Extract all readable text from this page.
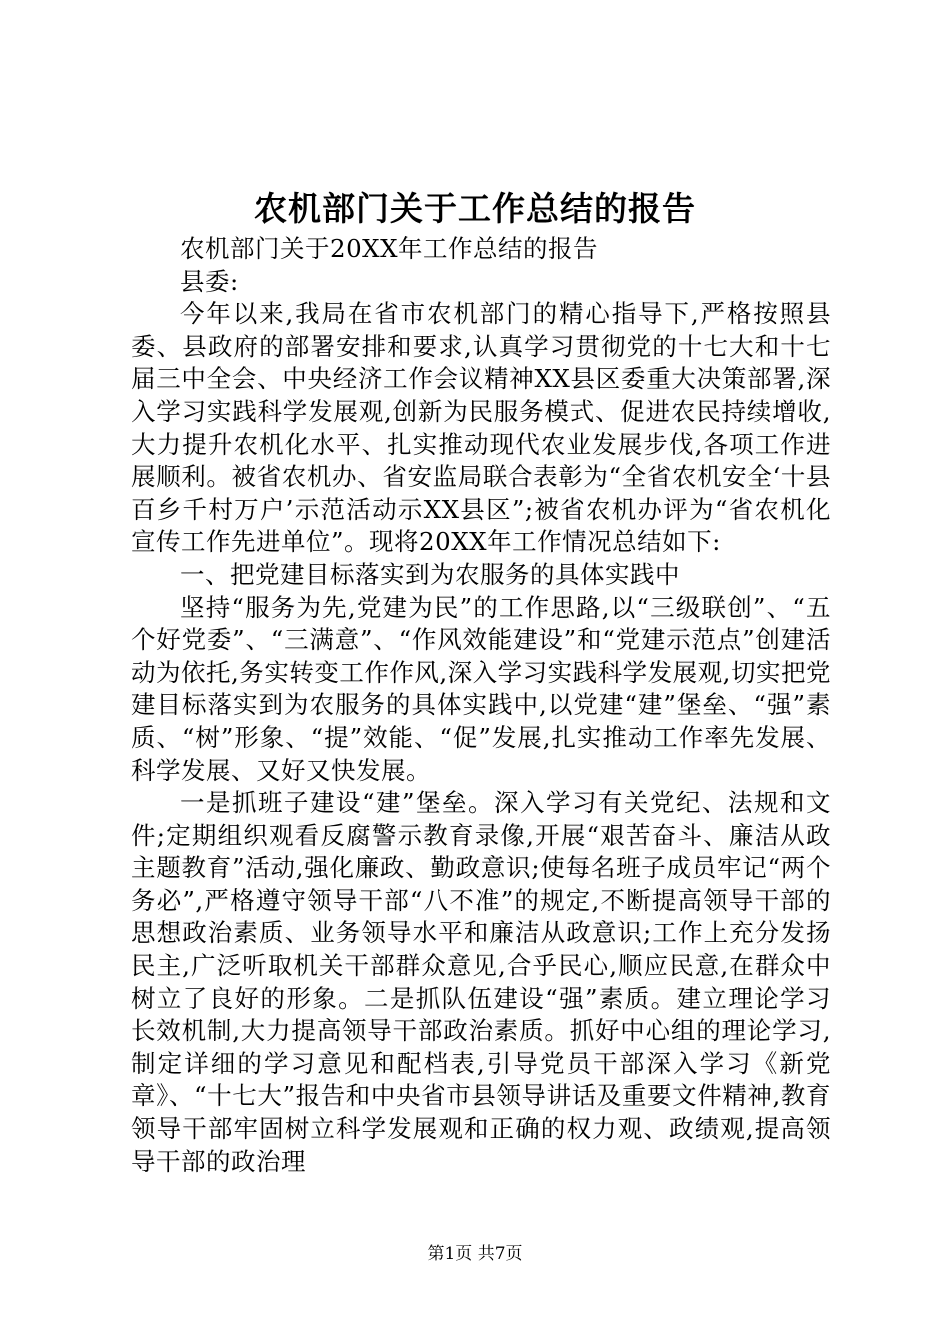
农机部门关于工作总结的报告

农机部门关于20XX年工作总结的报告

县委:

今年以来,我局在省市农机部门的精心指导下,严格按照县委、县政府的部署安排和要求,认真学习贯彻党的十七大和十七届三中全会、中央经济工作会议精神XX县区委重大决策部署,深入学习实践科学发展观,创新为民服务模式、促进农民持续增收,大力提升农机化水平、扎实推动现代农业发展步伐,各项工作进展顺利。被省农机办、省安监局联合表彰为“全省农机安全‘十县百乡千村万户’示范活动示XX县区”;被省农机办评为“省农机化宣传工作先进单位”。现将20XX年工作情况总结如下:

一、把党建目标落实到为农服务的具体实践中

坚持“服务为先,党建为民”的工作思路,以“三级联创”、“五个好党委”、“三满意”、“作风效能建设”和“党建示范点”创建活动为依托,务实转变工作作风,深入学习实践科学发展观,切实把党建目标落实到为农服务的具体实践中,以党建“建”堡垒、“强”素质、“树”形象、“提”效能、“促”发展,扎实推动工作率先发展、科学发展、又好又快发展。

一是抓班子建设“建”堡垒。深入学习有关党纪、法规和文件;定期组织观看反腐警示教育录像,开展“艰苦奋斗、廉洁从政主题教育”活动,强化廉政、勤政意识;使每名班子成员牢记“两个务必”,严格遵守领导干部“八不准”的规定,不断提高领导干部的思想政治素质、业务领导水平和廉洁从政意识;工作上充分发扬民主,广泛听取机关干部群众意见,合乎民心,顺应民意,在群众中树立了良好的形象。二是抓队伍建设“强”素质。建立理论学习长效机制,大力提高领导干部政治素质。抓好中心组的理论学习,制定详细的学习意见和配档表,引导党员干部深入学习《新党章》、“十七大”报告和中央省市县领导讲话及重要文件精神,教育领导干部牢固树立科学发展观和正确的权力观、政绩观,提高领导干部的政治理

第1页 共7页
